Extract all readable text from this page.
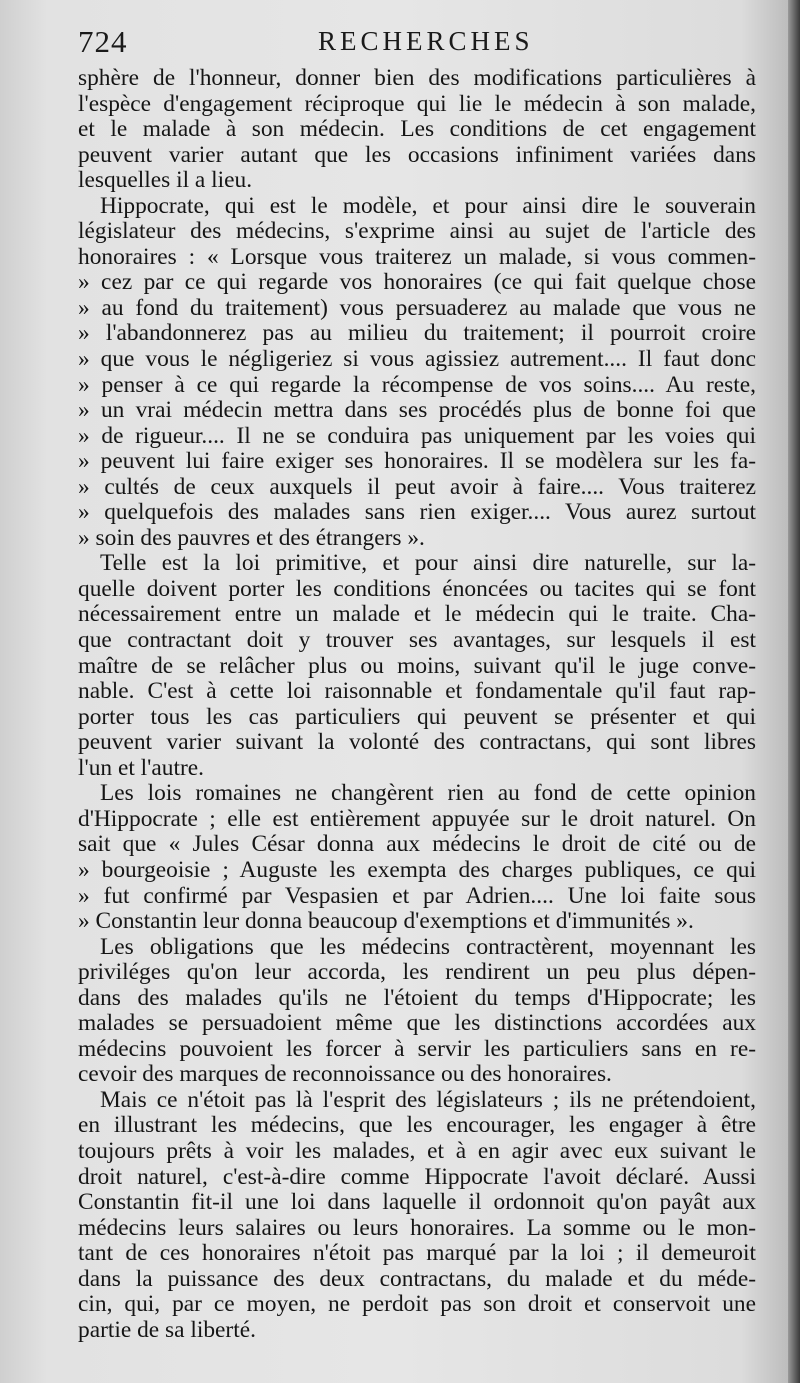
724	RECHERCHES
sphère de l'honneur, donner bien des modifications particulières à
l'espèce d'engagement réciproque qui lie le médecin à son malade,
et le malade à son médecin. Les conditions de cet engagement
peuvent varier autant que les occasions infiniment variées dans
lesquelles il a lieu.
Hippocrate, qui est le modèle, et pour ainsi dire le souverain
législateur des médecins, s'exprime ainsi au sujet de l'article des
honoraires : « Lorsque vous traiterez un malade, si vous commen-
» cez par ce qui regarde vos honoraires (ce qui fait quelque chose
» au fond du traitement) vous persuaderez au malade que vous ne
» l'abandonnerez pas au milieu du traitement; il pourroit croire
» que vous le négligeriez si vous agissiez autrement.... Il faut donc
» penser à ce qui regarde la récompense de vos soins.... Au reste,
» un vrai médecin mettra dans ses procédés plus de bonne foi que
» de rigueur.... Il ne se conduira pas uniquement par les voies qui
» peuvent lui faire exiger ses honoraires. Il se modèlera sur les fa-
» cultés de ceux auxquels il peut avoir à faire.... Vous traiterez
» quelquefois des malades sans rien exiger.... Vous aurez surtout
» soin des pauvres et des étrangers ».
Telle est la loi primitive, et pour ainsi dire naturelle, sur la-
quelle doivent porter les conditions énoncées ou tacites qui se font
nécessairement entre un malade et le médecin qui le traite. Cha-
que contractant doit y trouver ses avantages, sur lesquels il est
maître de se relâcher plus ou moins, suivant qu'il le juge conve-
nable. C'est à cette loi raisonnable et fondamentale qu'il faut rap-
porter tous les cas particuliers qui peuvent se présenter et qui
peuvent varier suivant la volonté des contractans, qui sont libres
l'un et l'autre.
Les lois romaines ne changèrent rien au fond de cette opinion
d'Hippocrate ; elle est entièrement appuyée sur le droit naturel. On
sait que « Jules César donna aux médecins le droit de cité ou de
» bourgeoisie ; Auguste les exempta des charges publiques, ce qui
» fut confirmé par Vespasien et par Adrien.... Une loi faite sous
» Constantin leur donna beaucoup d'exemptions et d'immunités ».
Les obligations que les médecins contractèrent, moyennant les
priviléges qu'on leur accorda, les rendirent un peu plus dépen-
dans des malades qu'ils ne l'étoient du temps d'Hippocrate; les
malades se persuadoient même que les distinctions accordées aux
médecins pouvoient les forcer à servir les particuliers sans en re-
cevoir des marques de reconnoissance ou des honoraires.
Mais ce n'étoit pas là l'esprit des législateurs ; ils ne prétendoient,
en illustrant les médecins, que les encourager, les engager à être
toujours prêts à voir les malades, et à en agir avec eux suivant le
droit naturel, c'est-à-dire comme Hippocrate l'avoit déclaré. Aussi
Constantin fit-il une loi dans laquelle il ordonnoit qu'on payât aux
médecins leurs salaires ou leurs honoraires. La somme ou le mon-
tant de ces honoraires n'étoit pas marqué par la loi ; il demeuroit
dans la puissance des deux contractans, du malade et du méde-
cin, qui, par ce moyen, ne perdoit pas son droit et conservoit une
partie de sa liberté.
